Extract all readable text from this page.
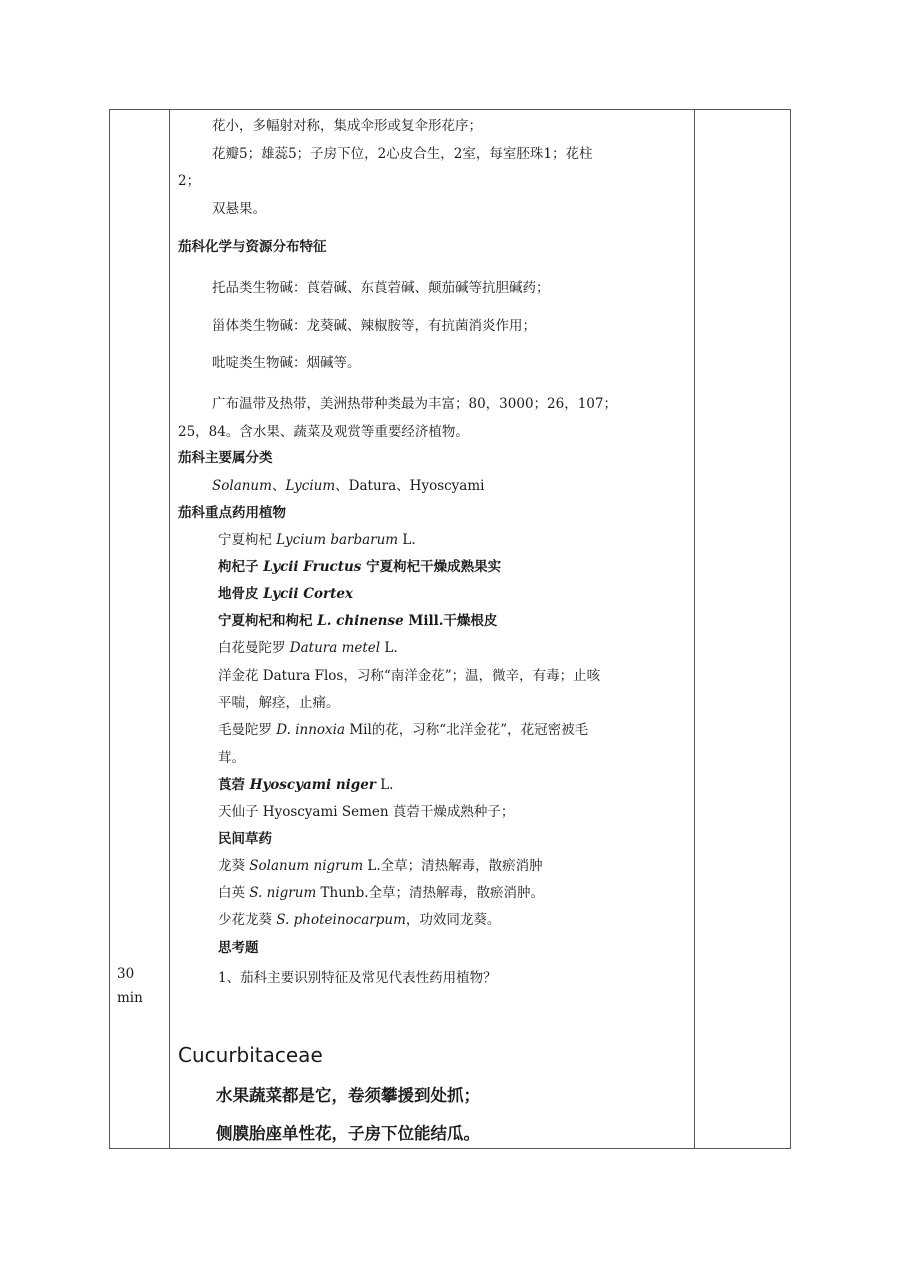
30
min
花小，多幅射对称，集成伞形或复伞形花序；
花瓣5；雄蕊5；子房下位，2心皮合生，2室，每室胚珠1；花柱
2；
双悬果。
茄科化学与资源分布特征
托品类生物碱：莨菪碱、东莨菪碱、颠茄碱等抗胆碱药；
甾体类生物碱：龙葵碱、辣椒胺等，有抗菌消炎作用；
吡啶类生物碱：烟碱等。
广布温带及热带，美洲热带种类最为丰富；80，3000；26，107；
25，84。含水果、蔬菜及观赏等重要经济植物。
茄科主要属分类
Solanum、Lycium、Datura、Hyoscyami
茄科重点药用植物
宁夏枸杞 Lycium barbarum L.
枸杞子 Lycii Fructus 宁夏枸杞干燥成熟果实
地骨皮 Lycii Cortex
宁夏枸杞和枸杞 L. chinense Mill.干燥根皮
白花曼陀罗 Datura metel L.
洋金花 Datura Flos，习称“南洋金花”；温，微辛，有毒；止咳
平喘，解痉，止痛。
毛曼陀罗 D. innoxia Mil的花，习称“北洋金花”，花冠密被毛
茸。
莨菪 Hyoscyami niger L.
天仙子 Hyoscyami Semen 莨菪干燥成熟种子；
民间草药
龙葵 Solanum nigrum L.全草；清热解毒，散瘀消肿
白英 S. nigrum Thunb.全草；清热解毒，散瘀消肿。
少花龙葵 S. photeinocarpum，功效同龙葵。
思考题
1、茄科主要识别特征及常见代表性药用植物？
Cucurbitaceae
水果蔬菜都是它，卷须攀援到处抓；
侧膜胎座单性花，子房下位能结瓜。
